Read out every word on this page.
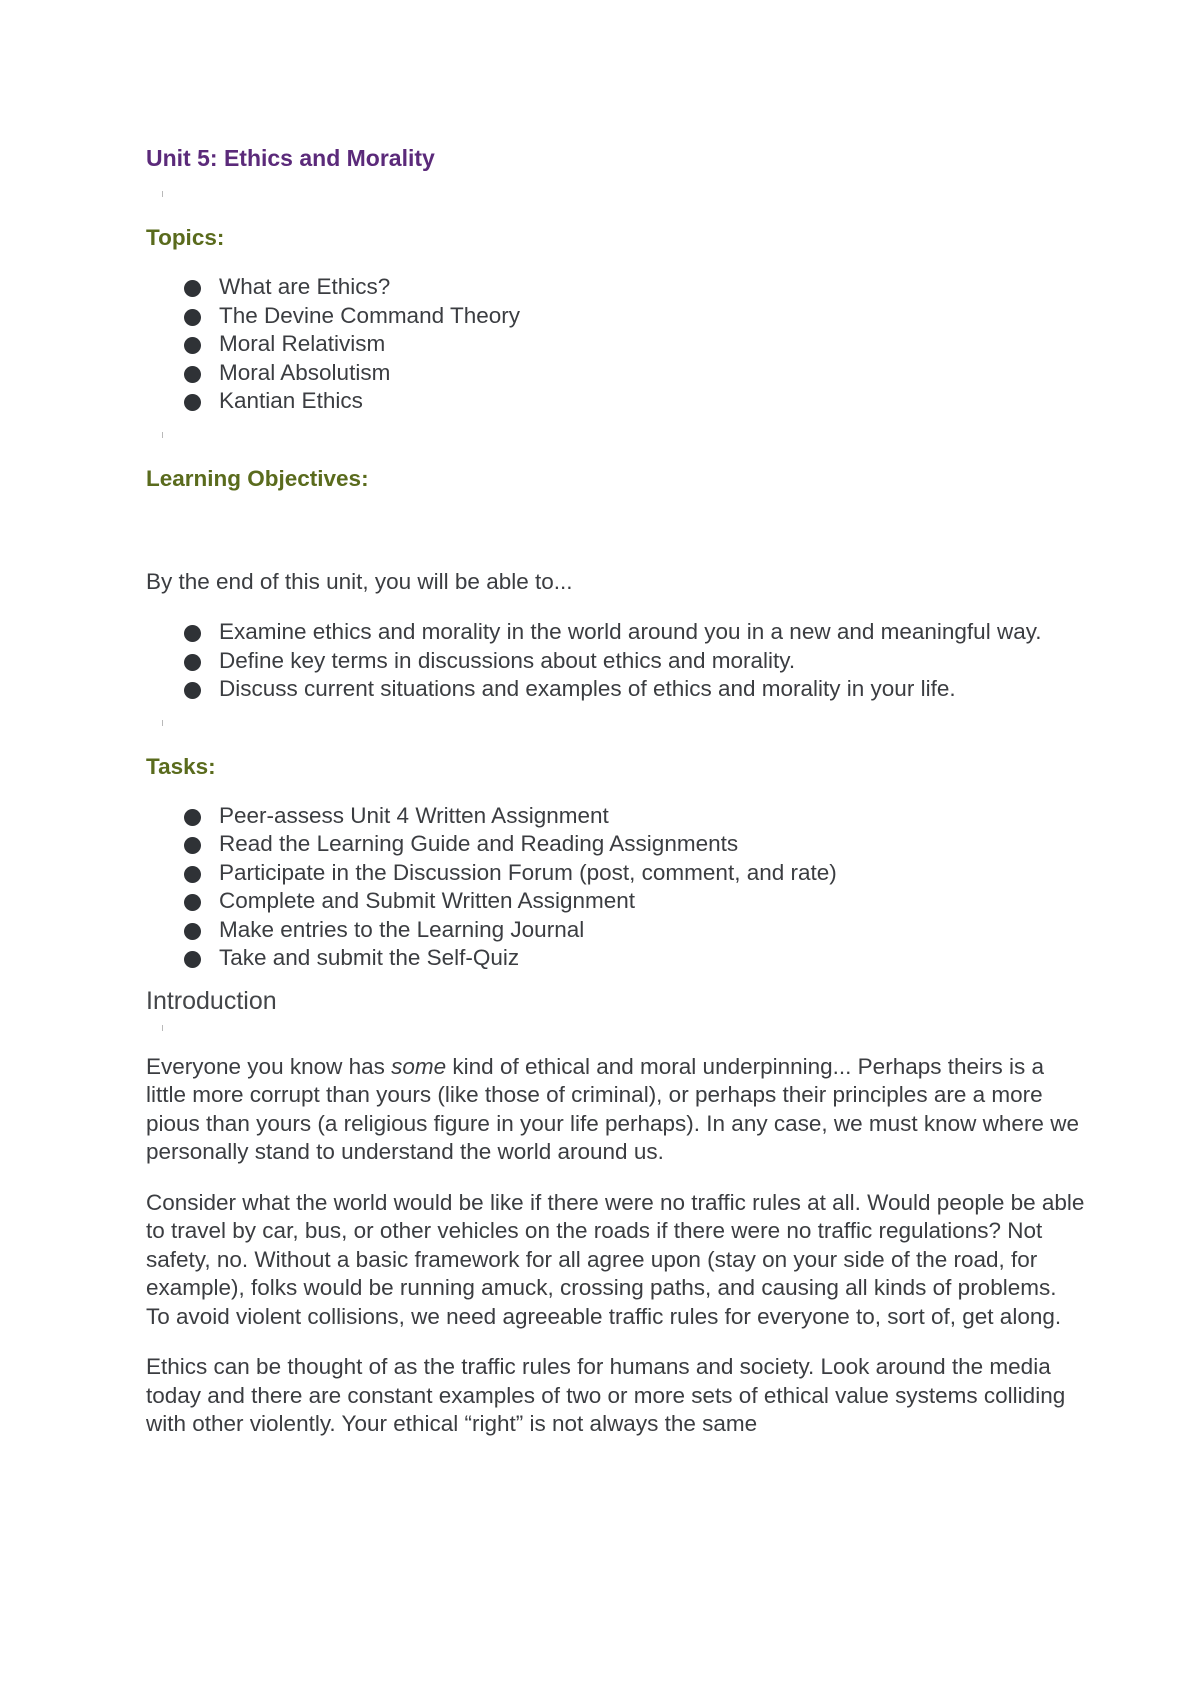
Unit 5: Ethics and Morality
Topics:
What are Ethics?
The Devine Command Theory
Moral Relativism
Moral Absolutism
Kantian Ethics
Learning Objectives:

By the end of this unit, you will be able to...

Examine ethics and morality in the world around you in a new and meaningful way.
Define key terms in discussions about ethics and morality.
Discuss current situations and examples of ethics and morality in your life.
Tasks:
Peer-assess Unit 4 Written Assignment
Read the Learning Guide and Reading Assignments
Participate in the Discussion Forum (post, comment, and rate)
Complete and Submit Written Assignment
Make entries to the Learning Journal
Take and submit the Self-Quiz
Introduction

Everyone you know has some kind of ethical and moral underpinning... Perhaps theirs is a little more corrupt than yours (like those of criminal), or perhaps their principles are a more pious than yours (a religious figure in your life perhaps). In any case, we must know where we personally stand to understand the world around us.

Consider what the world would be like if there were no traffic rules at all. Would people be able to travel by car, bus, or other vehicles on the roads if there were no traffic regulations? Not safety, no. Without a basic framework for all agree upon (stay on your side of the road, for example), folks would be running amuck, crossing paths, and causing all kinds of problems. To avoid violent collisions, we need agreeable traffic rules for everyone to, sort of, get along.

Ethics can be thought of as the traffic rules for humans and society. Look around the media today and there are constant examples of two or more sets of ethical value systems colliding with other violently. Your ethical “right” is not always the same
